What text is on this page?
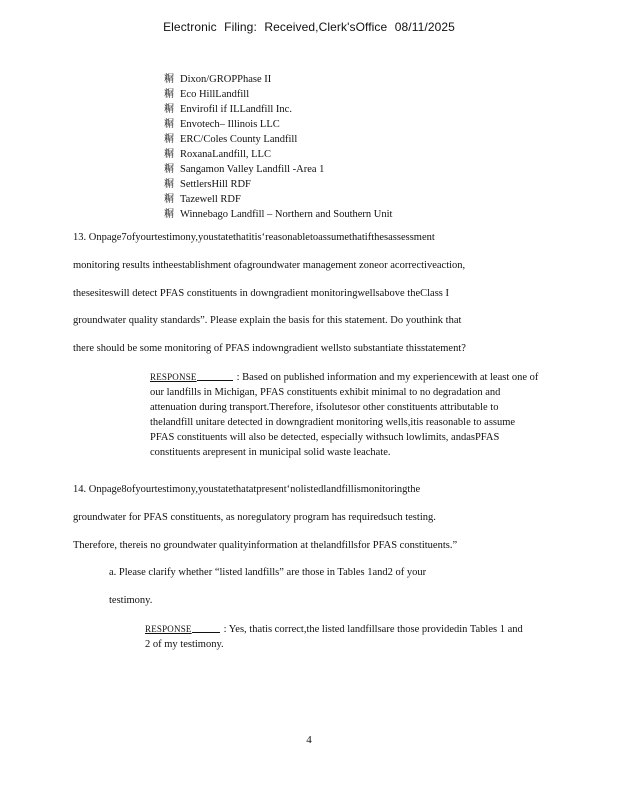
Electronic Filing: Received,Clerk'sOffice 08/11/2025
糏 Dixon/GROPPhase II
糏 Eco HillLandfill
糏 Envirofil if ILLandfill Inc.
糏 Envotech– Illinois LLC
糏 ERC/Coles County Landfill
糏 RoxanaLandfill, LLC
糏 Sangamon Valley Landfill -Area 1
糏 SettlersHill RDF
糏 Tazewell RDF
糏 Winnebago Landfill – Northern and Southern Unit
13. Onpage7ofyourtestimony,youstatethatitis‘reasonabletoassumethatifthesassessment
monitoring results intheestablishment ofagroundwater management zoneor acorrectiveaction,
thesesiteswill detect PFAS constituents in downgradient monitoringwellsabove theClass I
groundwater quality standards”. Please explain the basis for this statement. Do youthink that
there should be some monitoring of PFAS indowngradient wellsto substantiate thisstatement?
RESPONSE	: Based on published information and my experiencewith at least one of our landfills in Michigan, PFAS constituents exhibit minimal to no degradation and attenuation during transport.Therefore, ifsolutesor other constituents attributable to thelandfill unitare detected in downgradient monitoring wells,itis reasonable to assume PFAS constituents will also be detected, especially withsuch lowlimits, andasPFAS constituents arepresent in municipal solid waste leachate.
14. Onpage8ofyourtestimony,youstatethatatpresent‘nolistedlandfillismonitoringthe
groundwater for PFAS constituents, as noregulatory program has requiredsuch testing.
Therefore, thereis no groundwater qualityinformation at thelandfillsfor PFAS constituents.”
a. Please clarify whether “listed landfills” are those in Tables 1and2 of your
testimony.
RESPONSE	: Yes, thatis correct,the listed landfillsare those providedin Tables 1 and 2 of my testimony.
4
